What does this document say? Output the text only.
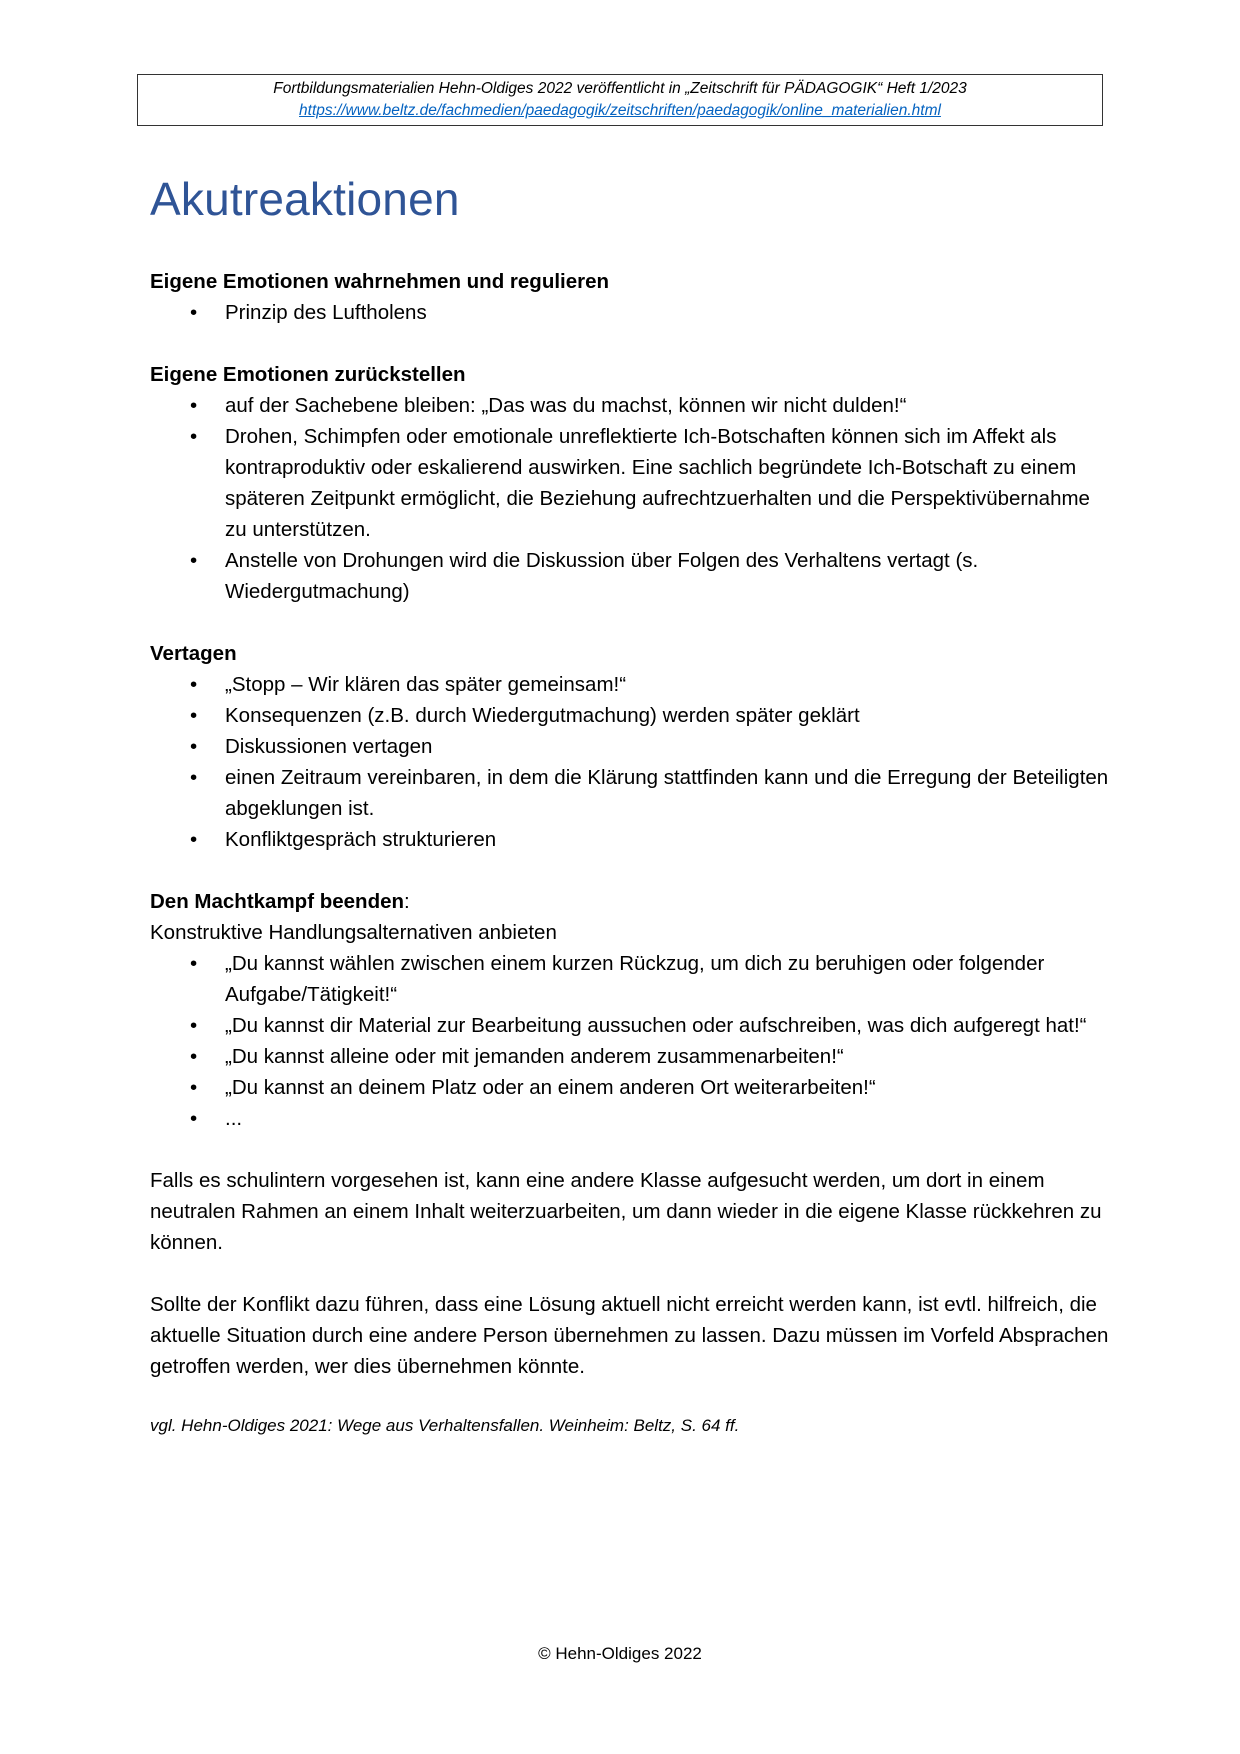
Fortbildungsmaterialien Hehn-Oldiges 2022 veröffentlicht in „Zeitschrift für PÄDAGOGIK“ Heft 1/2023
https://www.beltz.de/fachmedien/paedagogik/zeitschriften/paedagogik/online_materialien.html
Akutreaktionen
Eigene Emotionen wahrnehmen und regulieren
• Prinzip des Luftholens
Eigene Emotionen zurückstellen
• auf der Sachebene bleiben: „Das was du machst, können wir nicht dulden!“
• Drohen, Schimpfen oder emotionale unreflektierte Ich-Botschaften können sich im Affekt als kontraproduktiv oder eskalierend auswirken. Eine sachlich begründete Ich-Botschaft zu einem späteren Zeitpunkt ermöglicht, die Beziehung aufrechtzuerhalten und die Perspektivübernahme zu unterstützen.
• Anstelle von Drohungen wird die Diskussion über Folgen des Verhaltens vertagt (s. Wiedergutmachung)
Vertagen
• „Stopp – Wir klären das später gemeinsam!“
• Konsequenzen (z.B. durch Wiedergutmachung) werden später geklärt
• Diskussionen vertagen
• einen Zeitraum vereinbaren, in dem die Klärung stattfinden kann und die Erregung der Beteiligten abgeklungen ist.
• Konfliktgespräch strukturieren
Den Machtkampf beenden:

Konstruktive Handlungsalternativen anbieten

• „Du kannst wählen zwischen einem kurzen Rückzug, um dich zu beruhigen oder folgender Aufgabe/Tätigkeit!“
• „Du kannst dir Material zur Bearbeitung aussuchen oder aufschreiben, was dich aufgeregt hat!“
• „Du kannst alleine oder mit jemanden anderem zusammenarbeiten!“
• „Du kannst an deinem Platz oder an einem anderen Ort weiterarbeiten!“
• ...

Falls es schulintern vorgesehen ist, kann eine andere Klasse aufgesucht werden, um dort in einem neutralen Rahmen an einem Inhalt weiterzuarbeiten, um dann wieder in die eigene Klasse rückkehren zu können.

Sollte der Konflikt dazu führen, dass eine Lösung aktuell nicht erreicht werden kann, ist evtl. hilfreich, die aktuelle Situation durch eine andere Person übernehmen zu lassen. Dazu müssen im Vorfeld Absprachen getroffen werden, wer dies übernehmen könnte.

vgl. Hehn-Oldiges 2021: Wege aus Verhaltensfallen. Weinheim: Beltz, S. 64 ff.

© Hehn-Oldiges 2022
